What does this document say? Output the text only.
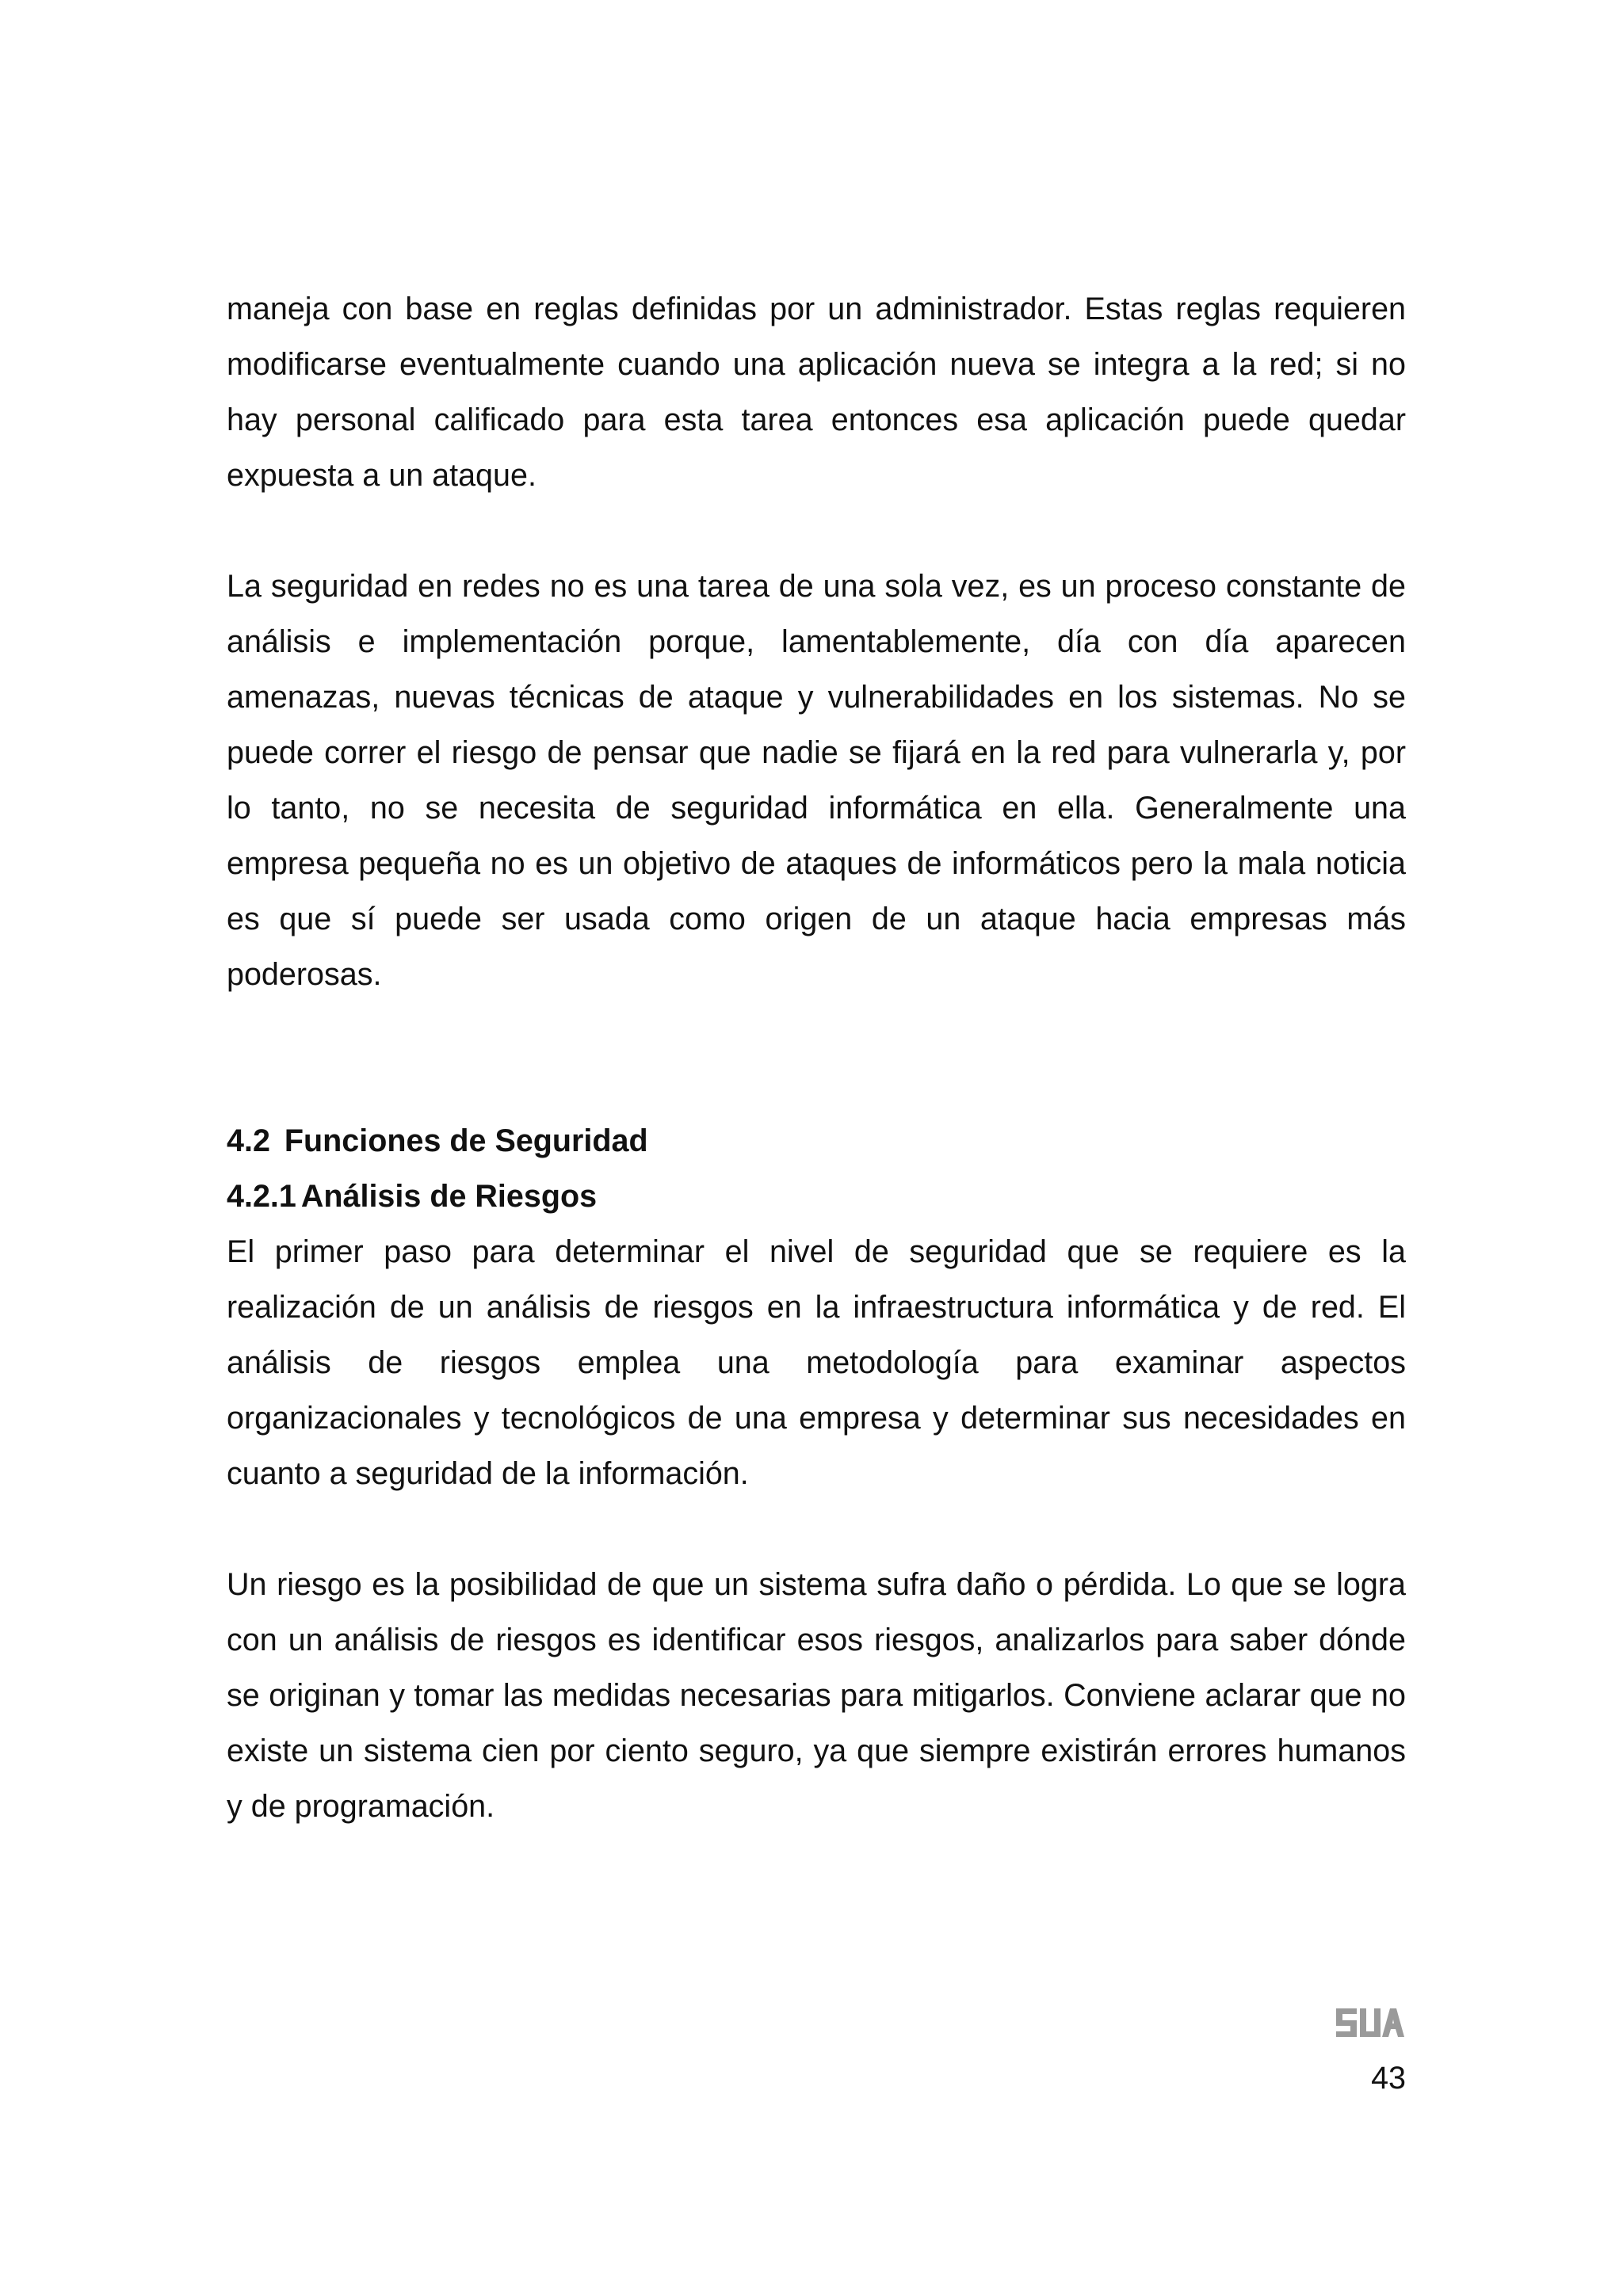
maneja con base en reglas definidas por un administrador. Estas reglas requieren modificarse eventualmente cuando una aplicación nueva se integra a la red; si no hay personal calificado para esta tarea entonces esa aplicación puede quedar expuesta a un ataque.

La seguridad en redes no es una tarea de una sola vez, es un proceso constante de análisis e implementación porque, lamentablemente, día con día aparecen amenazas, nuevas técnicas de ataque y vulnerabilidades en los sistemas. No se puede correr el riesgo de pensar que nadie se fijará en la red para vulnerarla y, por lo tanto, no se necesita de seguridad informática en ella. Generalmente una empresa pequeña no es un objetivo de ataques de informáticos pero la mala noticia es que sí puede ser usada como origen de un ataque hacia empresas más poderosas.

4.2 Funciones de Seguridad

4.2.1 Análisis de Riesgos

El primer paso para determinar el nivel de seguridad que se requiere es la realización de un análisis de riesgos en la infraestructura informática y de red. El análisis de riesgos emplea una metodología para examinar aspectos organizacionales y tecnológicos de una empresa y determinar sus necesidades en cuanto a seguridad de la información.

Un riesgo es la posibilidad de que un sistema sufra daño o pérdida. Lo que se logra con un análisis de riesgos es identificar esos riesgos, analizarlos para saber dónde se originan y tomar las medidas necesarias para mitigarlos. Conviene aclarar que no existe un sistema cien por ciento seguro, ya que siempre existirán errores humanos y de programación.

43
